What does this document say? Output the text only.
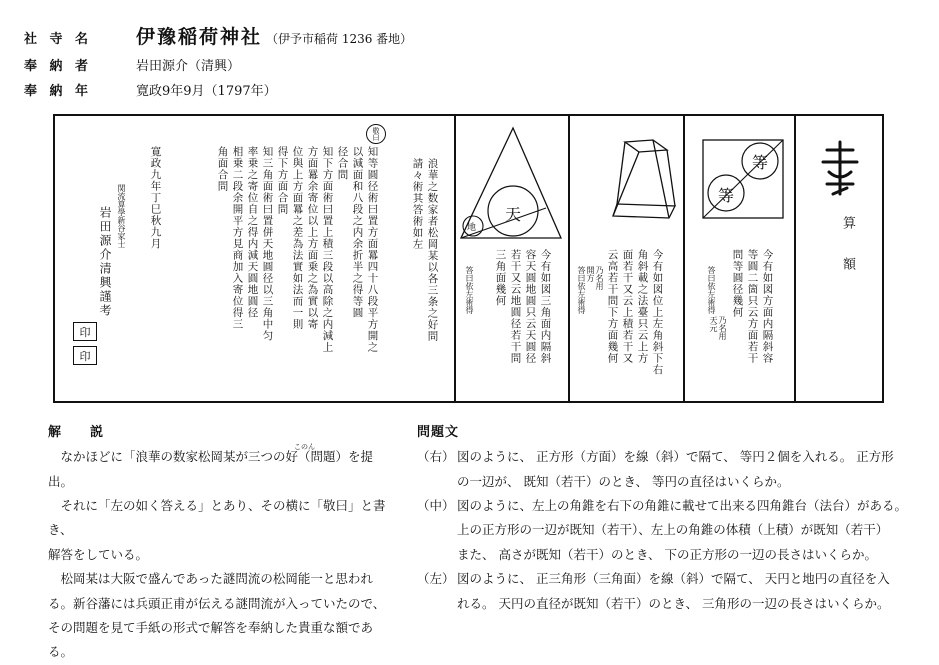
社 寺 名	伊豫稲荷神社 （伊予市稲荷 1236 番地）
奉 納 者	岩田源介（清興）
奉 納 年	寛政9年9月（1797年）
算 額
等
等
今有如図方面内隔斜容
等圓二箇只云方面若干
問等圓径幾何
乃名用
天元
答曰依左術得
今有如図位上左角斜下右
角斜載之法臺只云上方
面若干又云上積若干又
云高若干問下方面幾何
乃名用
開方
答曰依左術得
天
地
今有如図三角面内隔斜
容天圓地圓只云天圓径
若干又云地圓径若干問
三角面幾何
答曰依左術得
浪華之数家者松岡某以各三条之好問
請々術其答術如左
敬曰
知等圓径術曰置方面羃四十八段平方開之
以減面和八段之内余折半之得等圓
径合問
知下方面術曰置上積三段以高除之内減上
方面羃余寄位以上方面乗之為實以寄
位與上方面羃之差為法實如法而一則
得下方面合問
知三角面術曰置併天地圓径以三角中匀
率乗之寄位自之得内減天圓地圓径
相乗二段余開平方見商加入寄位得三
角面合問
寛政九年丁巳秋九月
関流算學新谷家士
岩田源介清興謹考
印
印
解　説
このん
なかほどに「浪華の数家松岡某が三つの好（問題）を提出。
それに「左の如く答える」とあり、その横に「敬曰」と書き、
解答をしている。
松岡某は大阪で盛んであった謎問流の松岡能一と思われ
る。新谷藩には兵頭正甫が伝える謎問流が入っていたので、
その問題を見て手紙の形式で解答を奉納した貴重な額である。
問題文
（右） 図のように、 正方形（方面）を線（斜）で隔て、 等円２個を入れる。 正方形
の一辺が、 既知（若干）のとき、 等円の直径はいくらか。
（中） 図のように、左上の角錐を右下の角錐に載せて出来る四角錐台（法台）がある。
上の正方形の一辺が既知（若干）、左上の角錐の体積（上積）が既知（若干）
また、 高さが既知（若干）のとき、 下の正方形の一辺の長さはいくらか。
（左） 図のように、 正三角形（三角面）を線（斜）で隔て、 天円と地円の直径を入
れる。 天円の直径が既知（若干）のとき、 三角形の一辺の長さはいくらか。
